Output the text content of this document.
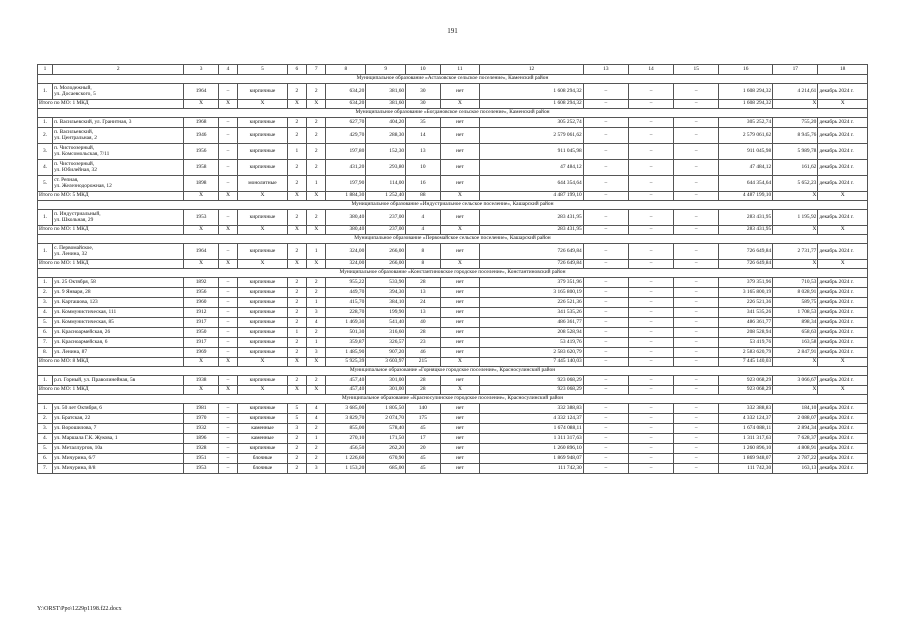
191
1	2	3	4	5	6	7	8	9	10	11	12	13	14	15	16	17	18
Муниципальное образование «Астаховское сельское поселение», Каменский район																	
1.	п. Молодежный,
ул. Досаевского, 5	1964	–	кирпичные	2	2	634,20	381,60	30	нет	1 608 294,32	–	–	–	1 608 294,32	4 214,61	декабрь 2024 г.
Итого по МО: 1 МКД		X	X	X	X	X	634,20	381,60	30	X	1 608 294,32	–	–	–	1 608 294,32	X	X
Муниципальное образование «Богдановское сельское поселение», Каменский район																	
1.	п. Васильевский, ул. Гранитная, 3	1968	–	кирпичные	2	2	627,70	404,20	35	нет	305 252,74	–	–	–	305 252,74	755,20	декабрь 2024 г.
2.	п. Васильевский,
ул. Центральная, 2	1946	–	кирпичные	2	2	429,70	288,30	14	нет	2 579 061,62	–	–	–	2 579 061,62	8 945,76	декабрь 2024 г.
3.	п. Чистоозерный,
ул. Комсомольская, 7/11	1956	–	кирпичные	1	2	197,80	152,30	13	нет	911 045,98	–	–	–	911 045,98	5 989,78	декабрь 2024 г.
4.	п. Чистоозерный,
ул. Юбилейная, 32	1958	–	кирпичные	2	2	431,20	293,80	10	нет	47 484,12	–	–	–	47 484,12	161,62	декабрь 2024 г.
5.	ст. Репная,
ул. Железнодорожная, 12	1898	–	монолитные	2	1	197,90	114,00	16	нет	644 354,64	–	–	–	644 354,64	5 652,23	декабрь 2024 г.
Итого по МО: 5 МКД		X	X	X	X	X	1 884,30	1 252,40	88	X	4 487 199,10	–	–	–	4 487 199,10	X	X
Муниципальное образование «Индустриальное сельское поселение», Кашарский район																	
1.	п. Индустриальный,
ул. Школьная, 29	1953	–	кирпичные	2	2	380,40	237,00	4	нет	283 431,95	–	–	–	283 431,95	1 195,92	декабрь 2024 г.
Итого по МО: 1 МКД		X	X	X	X	X	380,40	237,00	4	X	283 431,95	–	–	–	283 431,95	X	X
Муниципальное образование «Первомайское сельское поселение», Кашарский район																	
1.	с. Первомайское,
ул. Ленина, 32	1964	–	кирпичные	2	1	324,00	266,00	8	нет	726 649,84	–	–	–	726 649,84	2 731,77	декабрь 2024 г.
Итого по МО: 1 МКД		X	X	X	X	X	324,00	266,00	8	X	726 649,84	–	–	–	726 649,84	X	X
Муниципальное образование «Константиновское городское поселение», Константиновский район																	
1.	ул. 25 Октября, 58	1892	–	кирпичные	2	2	955,22	533,90	28	нет	379 351,96	–	–	–	379 351,96	710,53	декабрь 2024 г.
2.	ул. 9 Января, 28	1956	–	кирпичные	2	2	449,70	394,30	13	нет	3 165 800,19	–	–	–	3 165 800,19	8 028,91	декабрь 2024 г.
3.	ул. Карташова, 123	1960	–	кирпичные	2	1	415,70	384,10	24	нет	226 521,36	–	–	–	226 521,36	589,75	декабрь 2024 г.
4.	ул. Коммунистическая, 111	1912	–	кирпичные	2	3	228,70	199,90	13	нет	341 535,26	–	–	–	341 535,26	1 708,53	декабрь 2024 г.
5.	ул. Коммунистическая, 85	1917	–	кирпичные	2	4	1 469,30	541,40	40	нет	486 361,77	–	–	–	486 361,77	898,34	декабрь 2024 г.
6.	ул. Красноармейская, 26	1950	–	кирпичные	1	2	501,30	316,60	28	нет	208 528,94	–	–	–	208 528,94	658,63	декабрь 2024 г.
7.	ул. Красноармейская, 6	1917	–	кирпичные	2	1	359,87	326,57	23	нет	53 419,76	–	–	–	53 419,76	163,58	декабрь 2024 г.
8.	ул. Ленина, 87	1969	–	кирпичные	2	3	1 485,90	907,20	46	нет	2 583 620,79	–	–	–	2 583 620,79	2 847,91	декабрь 2024 г.
Итого по МО: 8 МКД		X	X	X	X	X	5 925,39	3 603,97	215	X	7 445 140,03	–	–	–	7 445 140,03	X	X
Муниципальное образование «Горняцкое городское поселение», Красносулинский район																	
1.	р.п. Горный, ул. Праволинейная, 5в	1938	–	кирпичные	2	2	457,40	301,00	28	нет	923 068,29	–	–	–	923 068,29	3 066,67	декабрь 2024 г.
Итого по МО: 1 МКД		X	X	X	X	X	457,40	301,00	28	X	923 068,29	–	–	–	923 068,29	X	X
Муниципальное образование «Красносулинское городское поселение», Красносулинский район																	
1.	ул. 50 лет Октября, 6	1981	–	кирпичные	5	4	3 685,00	1 805,50	140	нет	332 388,83	–	–	–	332 388,83	184,10	декабрь 2024 г.
2.	ул. Братская, 22	1970	–	кирпичные	5	4	3 829,70	2 074,70	175	нет	4 332 124,37	–	–	–	4 332 124,37	2 088,07	декабрь 2024 г.
3.	ул. Ворошилова, 7	1932	–	каменные	3	2	855,00	578,40	45	нет	1 674 088,11	–	–	–	1 674 088,11	2 894,34	декабрь 2024 г.
4.	ул. Маршала Г.К. Жукова, 1	1896	–	каменные	2	1	270,10	171,50	17	нет	1 311 317,63	–	–	–	1 311 317,63	7 628,37	декабрь 2024 г.
5.	ул. Металлургов, 10а	1928	–	кирпичные	2	2	456,50	262,20	20	нет	1 260 896,10	–	–	–	1 260 896,10	4 808,91	декабрь 2024 г.
6.	ул. Мичурина, 6/7	1951	–	блочные	2	2	1 226,60	670,90	45	нет	1 869 948,07	–	–	–	1 869 948,07	2 787,22	декабрь 2024 г.
7.	ул. Мичурина, 8/8	1953	–	блочные	2	3	1 153,20	685,00	45	нет	111 742,30	–	–	–	111 742,30	163,13	декабрь 2024 г.
Y:\ORST\Ppo\1229p1198.f22.docx
